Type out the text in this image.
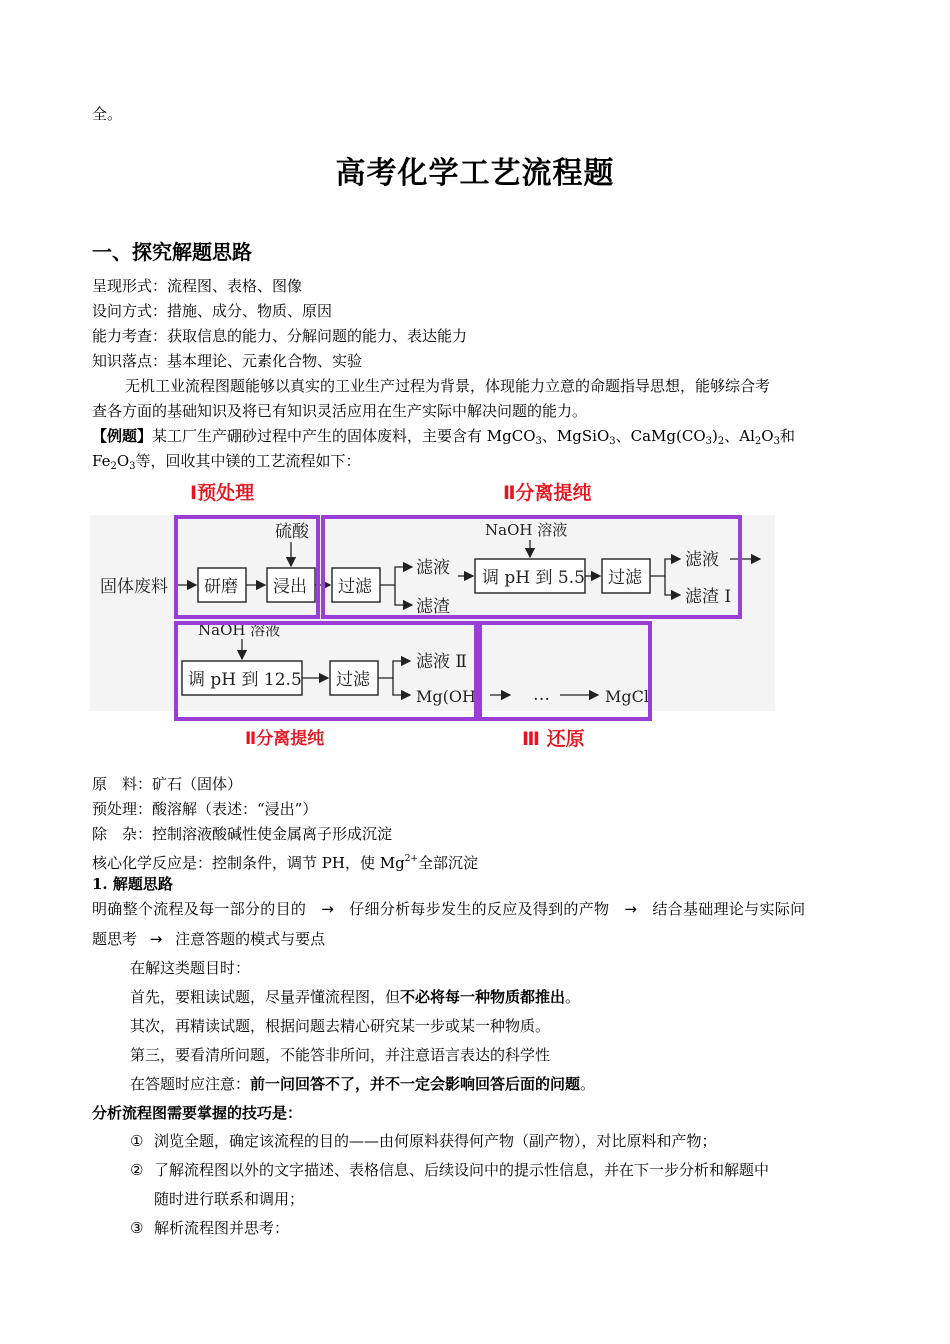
全。
高考化学工艺流程题
一、探究解题思路
呈现形式：流程图、表格、图像
设问方式：措施、成分、物质、原因
能力考查：获取信息的能力、分解问题的能力、表达能力
知识落点：基本理论、元素化合物、实验
无机工业流程图题能够以真实的工业生产过程为背景，体现能力立意的命题指导思想，能够综合考
查各方面的基础知识及将已有知识灵活应用在生产实际中解决问题的能力。
【例题】某工厂生产硼砂过程中产生的固体废料，主要含有 MgCO$_3$、MgSiO$_3$、$CaMg(CO_3)_2$、$Al_2O_3$和
$Fe_2O_3$等，回收其中镁的工艺流程如下：
Ⅰ预处理	Ⅱ分离提纯
固体废料 研磨
硫酸
浸出 过滤
滤液
滤渣
NaOH 溶液
调 pH 到 5.5 过滤
滤液
滤渣 Ⅰ
NaOH 溶液
调 pH 到 12.5 过滤
滤液 Ⅱ
Mg(OH)	…	MgCl
Ⅱ分离提纯	Ⅲ 还原
原　料：矿石（固体）
预处理：酸溶解（表述：“浸出”）
除　杂：控制溶液酸碱性使金属离子形成沉淀
核心化学反应是：控制条件，调节 PH，使 $Mg^{2+}$全部沉淀
1. 解题思路
明确整个流程及每一部分的目的 → 仔细分析每步发生的反应及得到的产物 → 结合基础理论与实际问
题思考 → 注意答题的模式与要点
在解这类题目时：
首先，要粗读试题，尽量弄懂流程图，但不必将每一种物质都推出。
其次，再精读试题，根据问题去精心研究某一步或某一种物质。
第三，要看清所问题，不能答非所问，并注意语言表达的科学性
在答题时应注意：前一问回答不了，并不一定会影响回答后面的问题。
分析流程图需要掌握的技巧是：
① 浏览全题，确定该流程的目的——由何原料获得何产物（副产物），对比原料和产物；
② 了解流程图以外的文字描述、表格信息、后续设问中的提示性信息，并在下一步分析和解题中
随时进行联系和调用；
③ 解析流程图并思考：
